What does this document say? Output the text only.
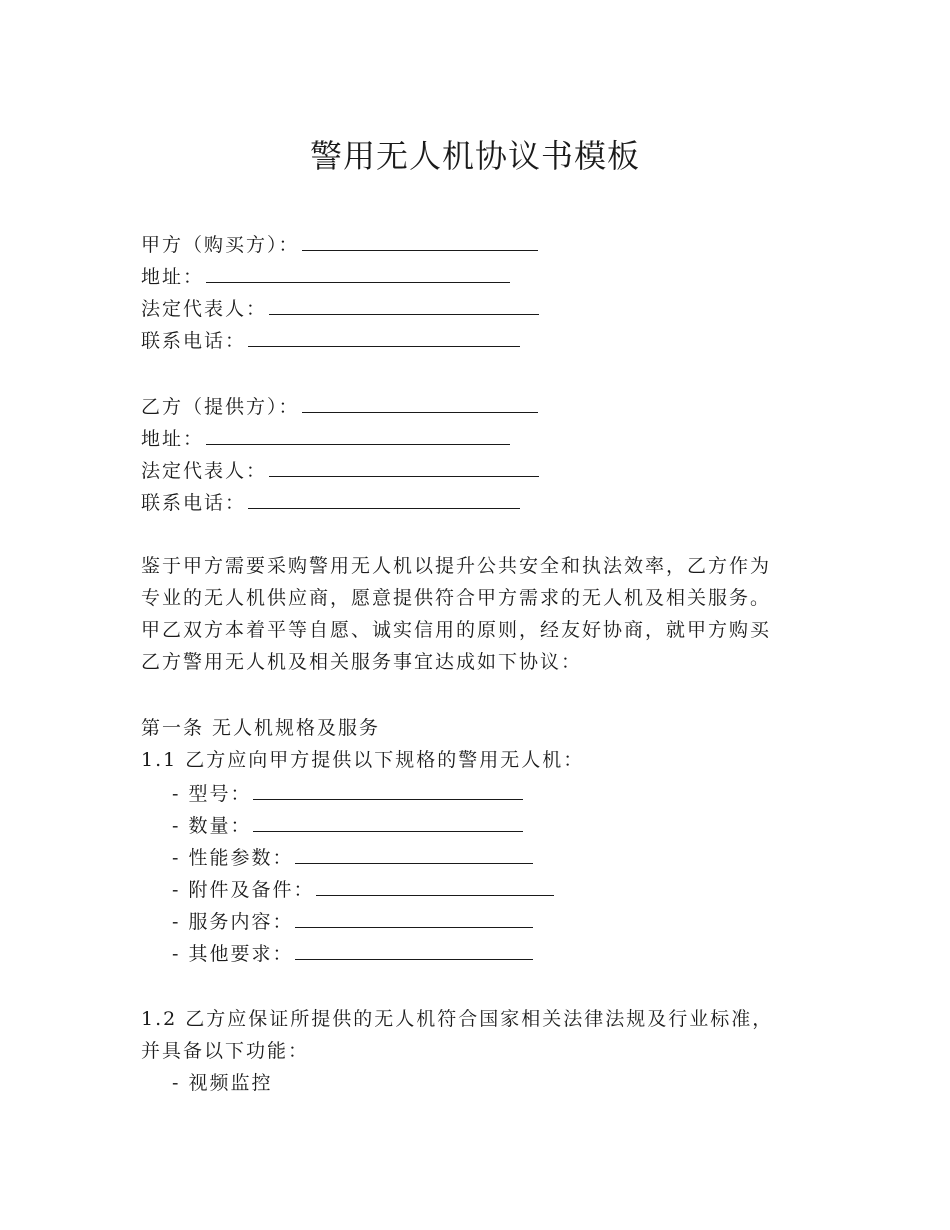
警用无人机协议书模板
甲方（购买方）：
地址：
法定代表人：
联系电话：
乙方（提供方）：
地址：
法定代表人：
联系电话：
鉴于甲方需要采购警用无人机以提升公共安全和执法效率，乙方作为
专业的无人机供应商，愿意提供符合甲方需求的无人机及相关服务。
甲乙双方本着平等自愿、诚实信用的原则，经友好协商，就甲方购买
乙方警用无人机及相关服务事宜达成如下协议：
第一条 无人机规格及服务
1.1 乙方应向甲方提供以下规格的警用无人机：
- 型号：
- 数量：
- 性能参数：
- 附件及备件：
- 服务内容：
- 其他要求：
1.2 乙方应保证所提供的无人机符合国家相关法律法规及行业标准，
并具备以下功能：
- 视频监控
